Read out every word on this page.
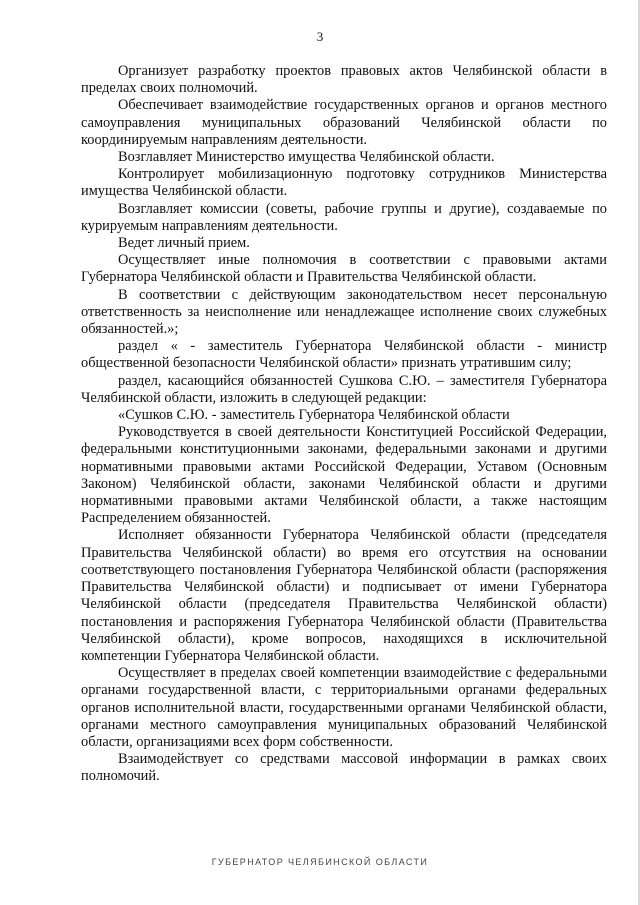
3

Организует разработку проектов правовых актов Челябинской области в пределах своих полномочий.

Обеспечивает взаимодействие государственных органов и органов местного самоуправления муниципальных образований Челябинской области по координируемым направлениям деятельности.

Возглавляет Министерство имущества Челябинской области.

Контролирует мобилизационную подготовку сотрудников Министерства имущества Челябинской области.

Возглавляет комиссии (советы, рабочие группы и другие), создаваемые по курируемым направлениям деятельности.

Ведет личный прием.

Осуществляет иные полномочия в соответствии с правовыми актами Губернатора Челябинской области и Правительства Челябинской области.

В соответствии с действующим законодательством несет персональную ответственность за неисполнение или ненадлежащее исполнение своих служебных обязанностей.»;

раздел « - заместитель Губернатора Челябинской области - министр общественной безопасности Челябинской области» признать утратившим силу;

раздел, касающийся обязанностей Сушкова С.Ю. – заместителя Губернатора Челябинской области, изложить в следующей редакции:

«Сушков С.Ю. - заместитель Губернатора Челябинской области

Руководствуется в своей деятельности Конституцией Российской Федерации, федеральными конституционными законами, федеральными законами и другими нормативными правовыми актами Российской Федерации, Уставом (Основным Законом) Челябинской области, законами Челябинской области и другими нормативными правовыми актами Челябинской области, а также настоящим Распределением обязанностей.

Исполняет обязанности Губернатора Челябинской области (председателя Правительства Челябинской области) во время его отсутствия на основании соответствующего постановления Губернатора Челябинской области (распоряжения Правительства Челябинской области) и подписывает от имени Губернатора Челябинской области (председателя Правительства Челябинской области) постановления и распоряжения Губернатора Челябинской области (Правительства Челябинской области), кроме вопросов, находящихся в исключительной компетенции Губернатора Челябинской области.

Осуществляет в пределах своей компетенции взаимодействие с федеральными органами государственной власти, с территориальными органами федеральных органов исполнительной власти, государственными органами Челябинской области, органами местного самоуправления муниципальных образований Челябинской области, организациями всех форм собственности.

Взаимодействует со средствами массовой информации в рамках своих полномочий.

ГУБЕРНАТОР ЧЕЛЯБИНСКОЙ ОБЛАСТИ
